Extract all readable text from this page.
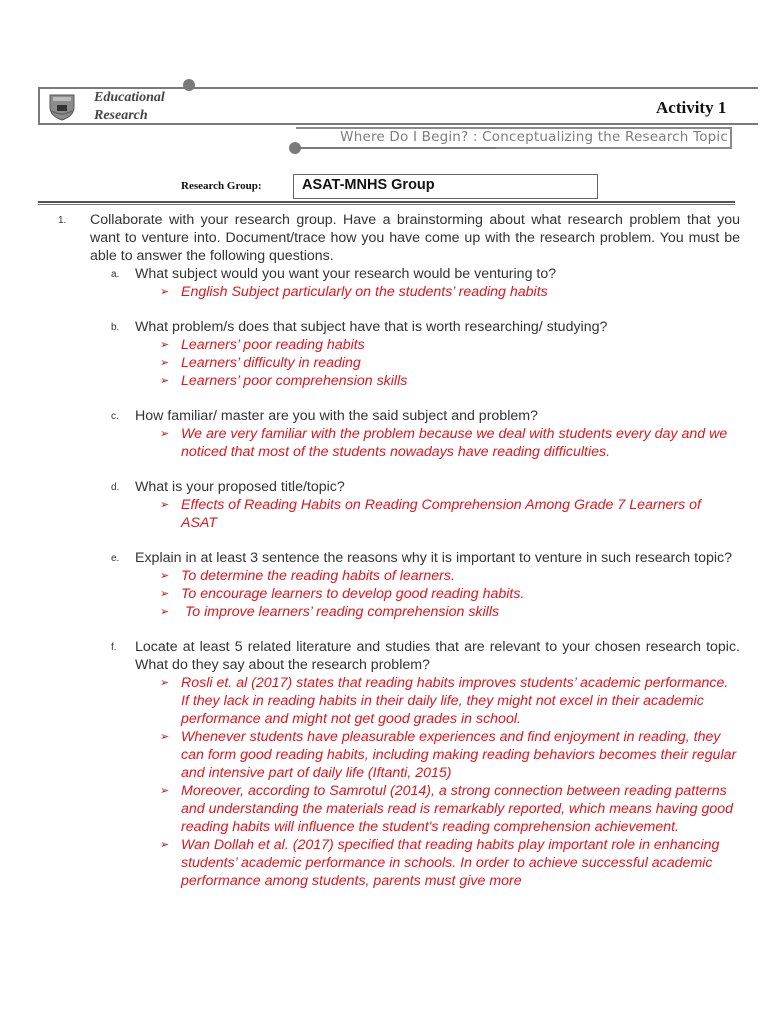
Educational
Research	Activity 1
Where Do I Begin? : Conceptualizing the Research Topic
Research Group:	ASAT-MNHS Group
1. Collaborate with your research group. Have a brainstorming about what research problem that you want to venture into. Document/trace how you have come up with the research problem. You must be able to answer the following questions.
a. What subject would you want your research would be venturing to?
➢ English Subject particularly on the students’ reading habits
b. What problem/s does that subject have that is worth researching/ studying?
➢ Learners’ poor reading habits
➢ Learners’ difficulty in reading
➢ Learners’ poor comprehension skills
c. How familiar/ master are you with the said subject and problem?
➢ We are very familiar with the problem because we deal with students every day and we noticed that most of the students nowadays have reading difficulties.
d. What is your proposed title/topic?
➢ Effects of Reading Habits on Reading Comprehension Among Grade 7 Learners of ASAT
e. Explain in at least 3 sentence the reasons why it is important to venture in such research topic?
➢ To determine the reading habits of learners.
➢ To encourage learners to develop good reading habits.
➢ To improve learners’ reading comprehension skills
f. Locate at least 5 related literature and studies that are relevant to your chosen research topic. What do they say about the research problem?
➢ Rosli et. al (2017) states that reading habits improves students’ academic performance. If they lack in reading habits in their daily life, they might not excel in their academic performance and might not get good grades in school.
➢ Whenever students have pleasurable experiences and find enjoyment in reading, they can form good reading habits, including making reading behaviors becomes their regular and intensive part of daily life (Iftanti, 2015)
➢ Moreover, according to Samrotul (2014), a strong connection between reading patterns and understanding the materials read is remarkably reported, which means having good reading habits will influence the student's reading comprehension achievement.
➢ Wan Dollah et al. (2017) specified that reading habits play important role in enhancing students’ academic performance in schools. In order to achieve successful academic performance among students, parents must give more
